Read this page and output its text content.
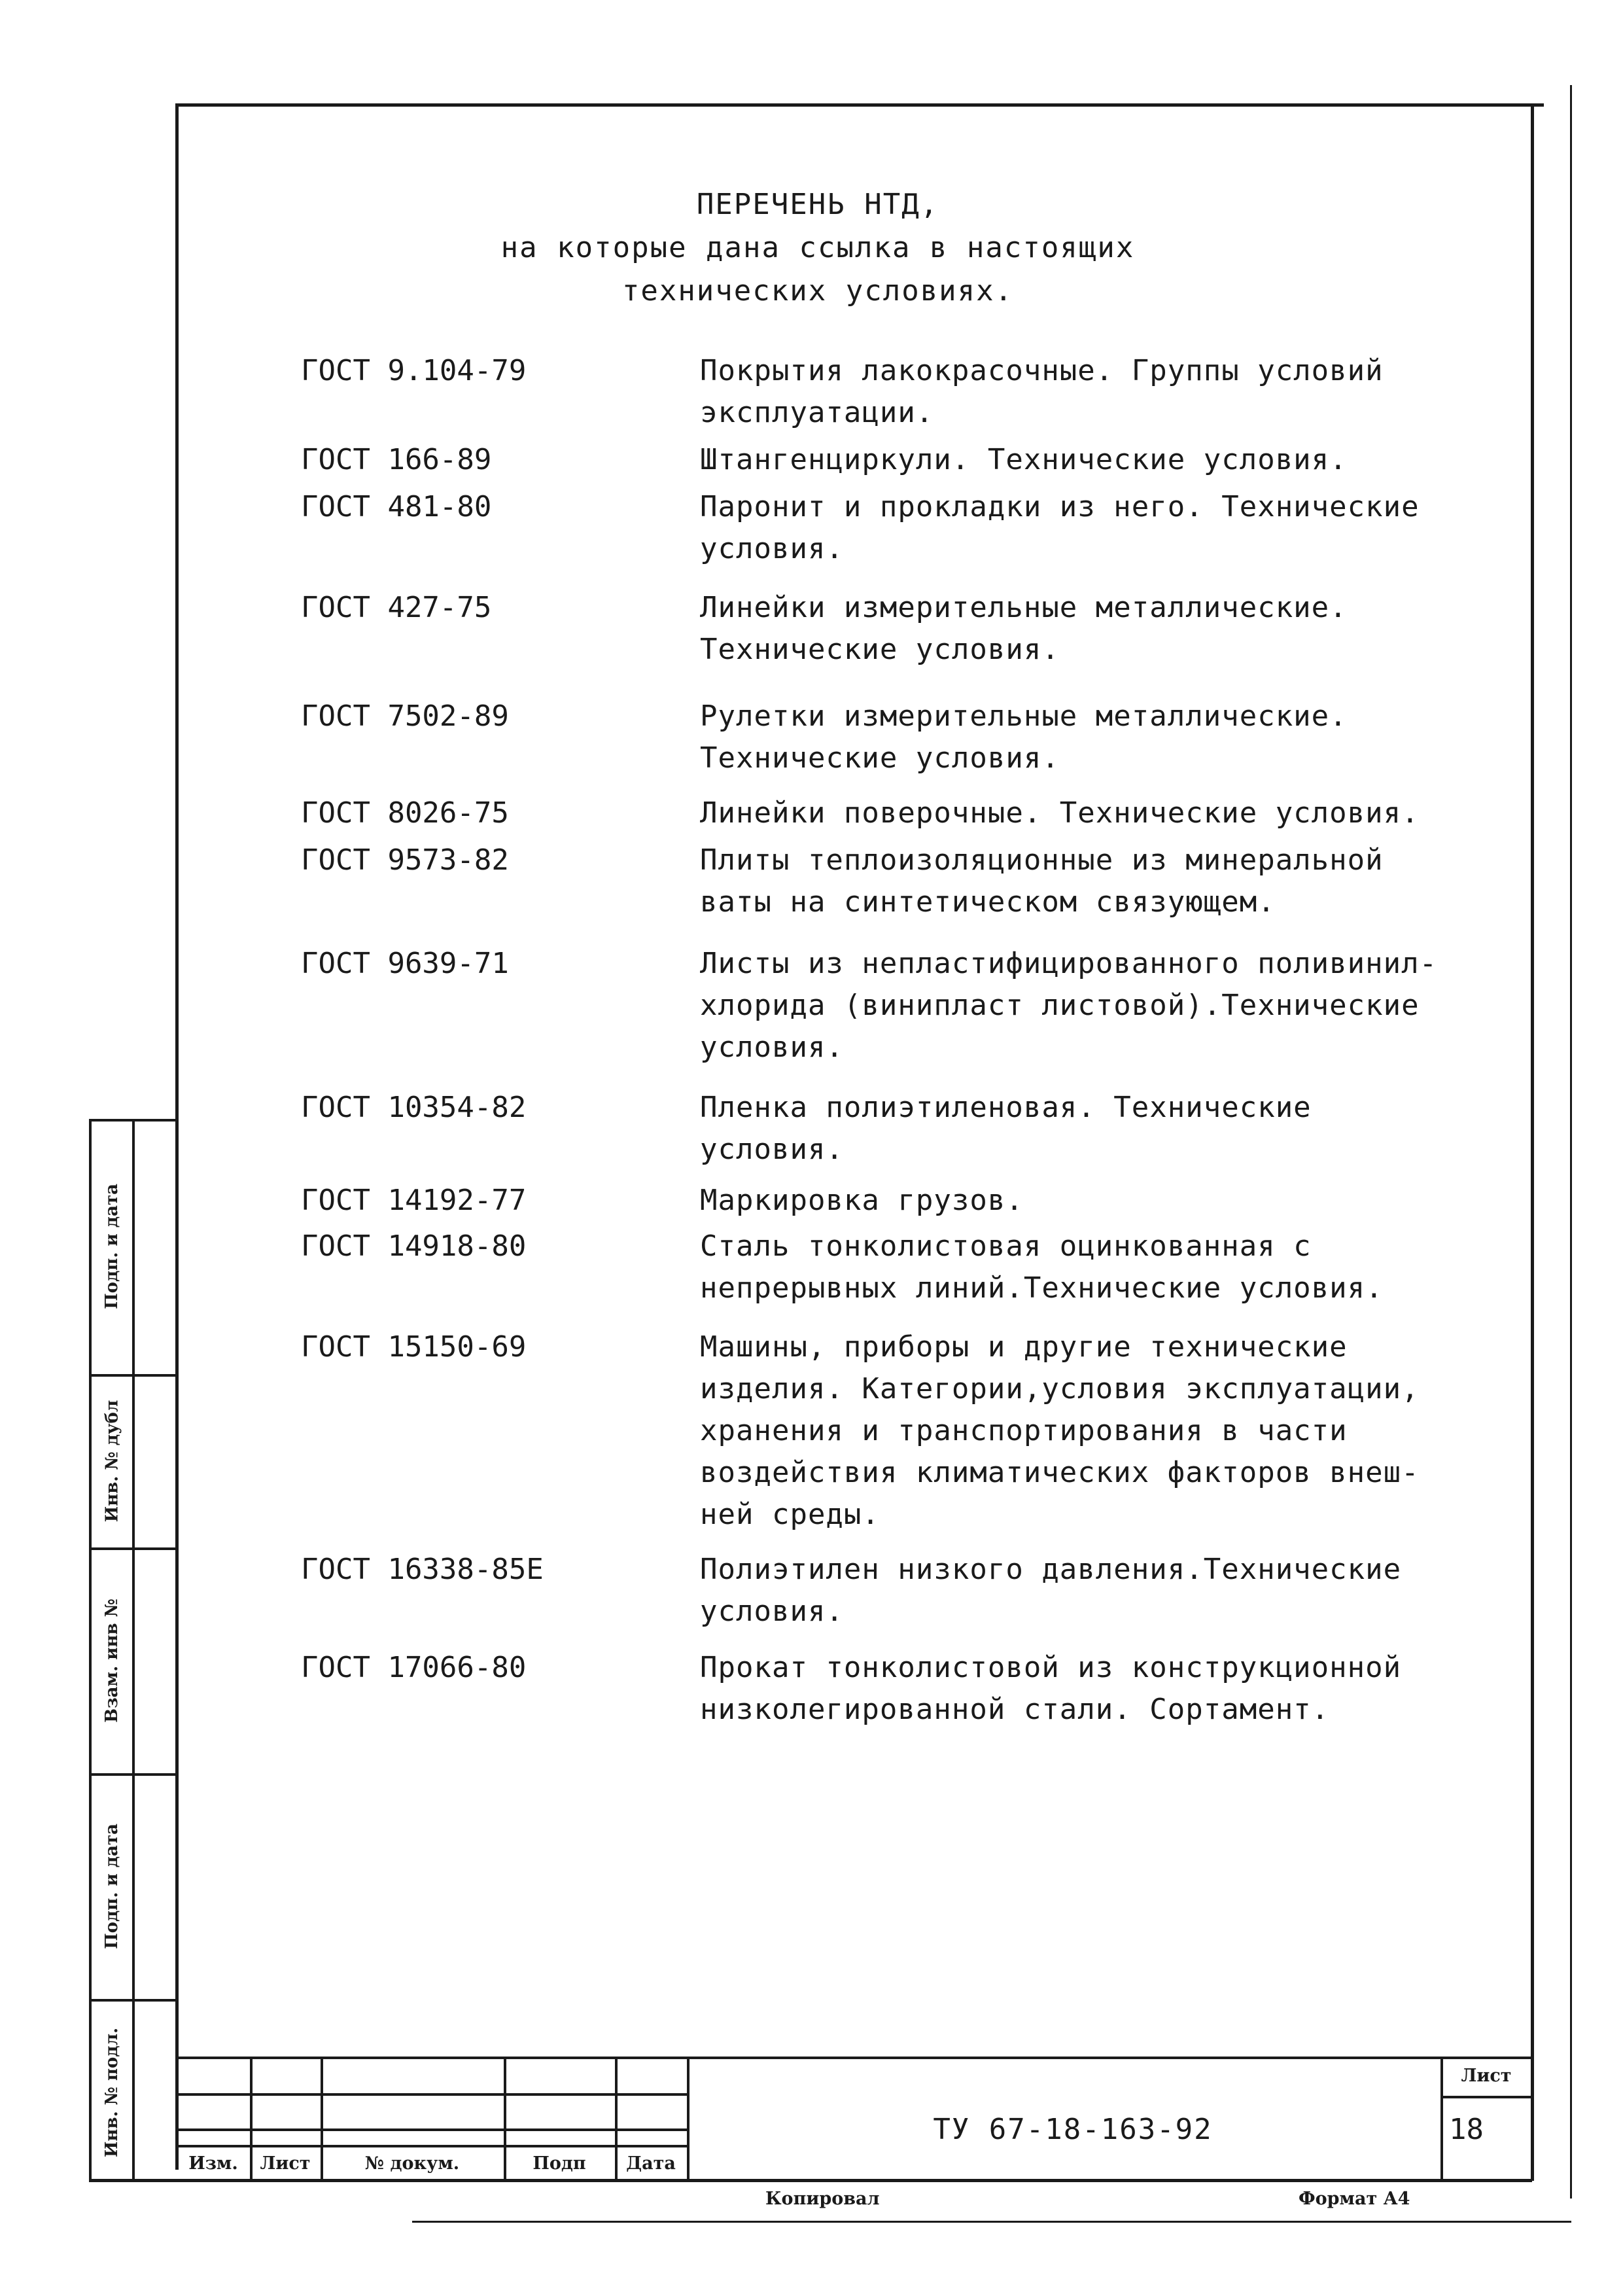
ПЕРЕЧЕНЬ НТД,
на которые дана ссылка в настоящих
технических условиях.
ГОСТ 9.104-79	Покрытия лакокрасочные. Группы условий
эксплуатации.
ГОСТ 166-89	Штангенциркули. Технические условия.
ГОСТ 481-80	Паронит и прокладки из него. Технические
условия.
ГОСТ 427-75	Линейки измерительные металлические.
Технические условия.
ГОСТ 7502-89	Рулетки измерительные металлические.
Технические условия.
ГОСТ 8026-75	Линейки поверочные. Технические условия.
ГОСТ 9573-82	Плиты теплоизоляционные из минеральной
ваты на синтетическом связующем.
ГОСТ 9639-71	Листы из непластифицированного поливинил-
хлорида (винипласт листовой).Технические
условия.
ГОСТ 10354-82	Пленка полиэтиленовая. Технические
условия.
ГОСТ 14192-77	Маркировка грузов.
ГОСТ 14918-80	Сталь тонколистовая оцинкованная с
непрерывных линий.Технические условия.
ГОСТ 15150-69	Машины, приборы и другие технические
изделия. Категории,условия эксплуатации,
хранения и транспортирования в части
воздействия климатических факторов внеш-
ней среды.
ГОСТ 16338-85Е	Полиэтилен низкого давления.Технические
условия.
ГОСТ 17066-80	Прокат тонколистовой из конструкционной
низколегированной стали. Сортамент.
Подп. и дата
Инв. № дубл
Взам. инв №
Подп. и дата
Инв. № подл.
Изм.	Лист	№ докум.	Подп	Дата
ТУ 67-18-163-92
Лист
18
Копировал	Формат А4
